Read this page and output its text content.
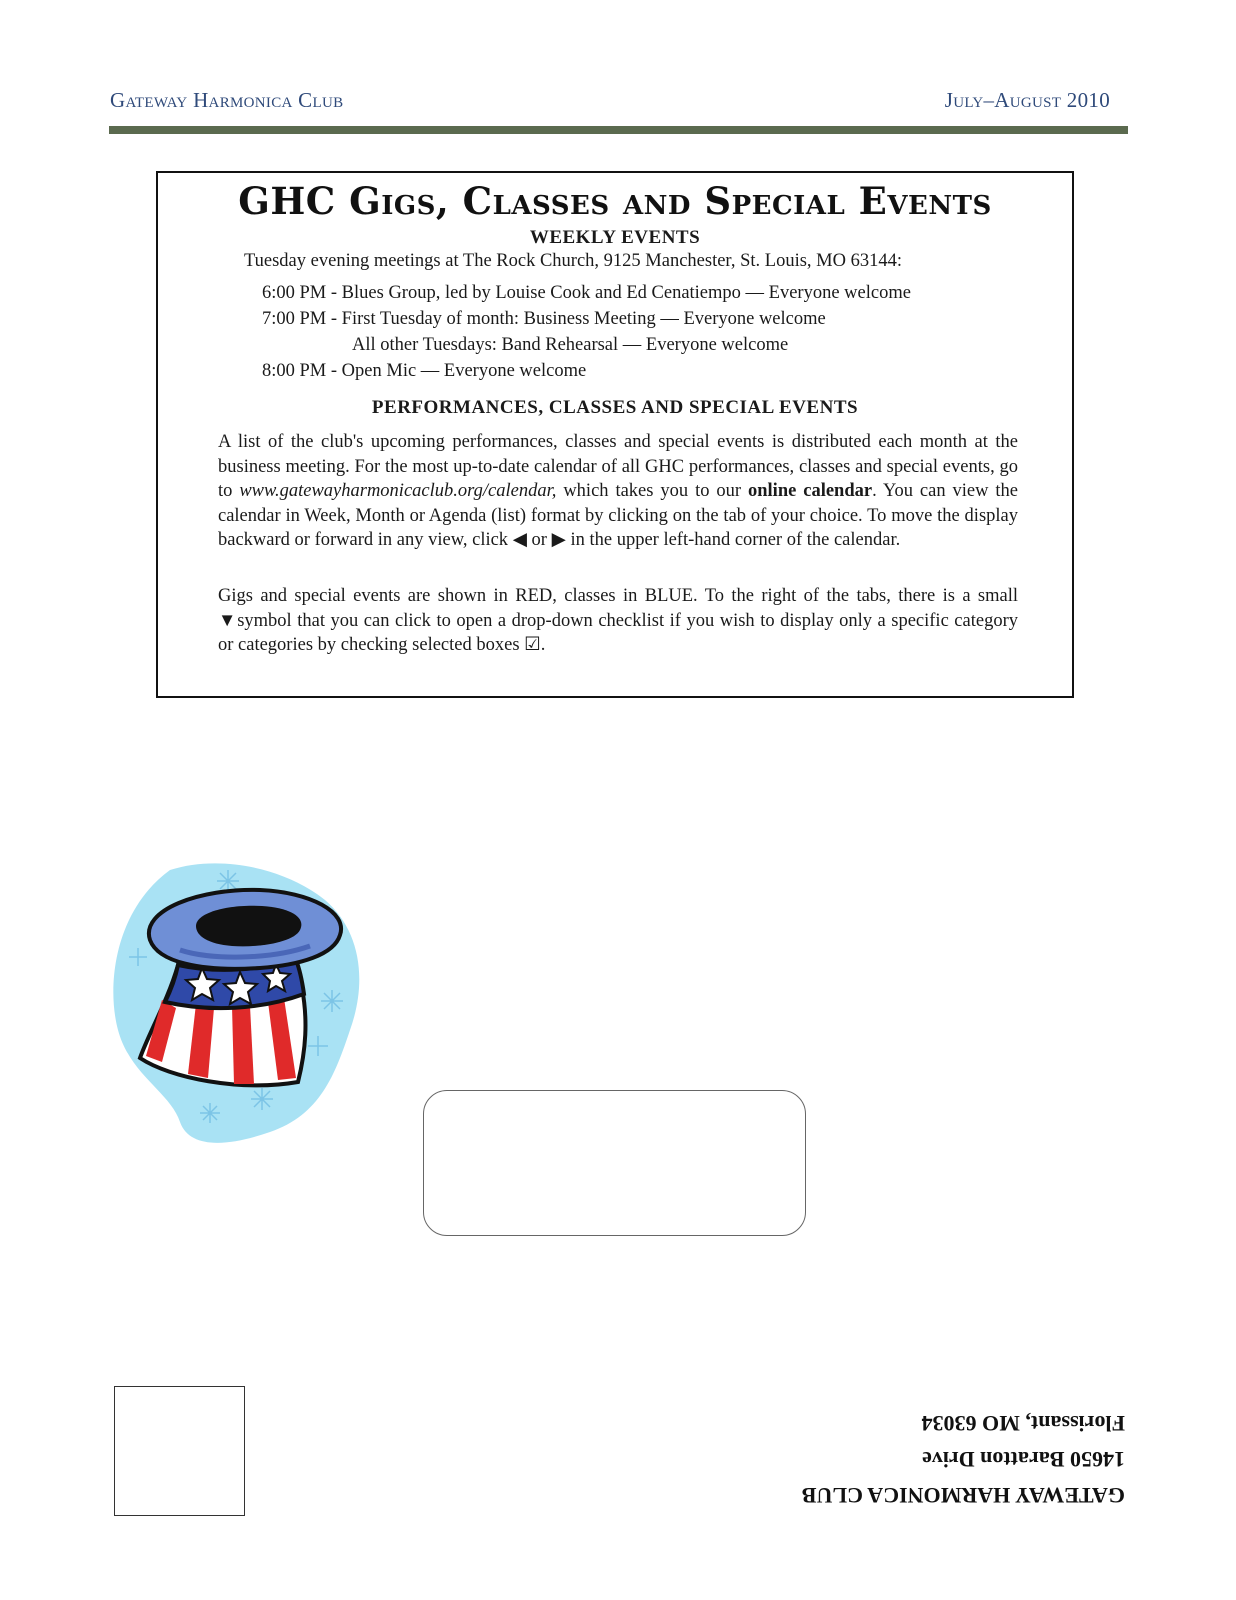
Gateway Harmonica Club	July–August 2010
GHC Gigs, Classes and Special Events
WEEKLY EVENTS
Tuesday evening meetings at The Rock Church, 9125 Manchester, St. Louis, MO 63144:
6:00 PM - Blues Group, led by Louise Cook and Ed Cenatiempo — Everyone welcome
7:00 PM - First Tuesday of month: Business Meeting — Everyone welcome
All other Tuesdays: Band Rehearsal — Everyone welcome
8:00 PM - Open Mic — Everyone welcome
PERFORMANCES, CLASSES AND SPECIAL EVENTS
A list of the club's upcoming performances, classes and special events is distributed each month at the business meeting. For the most up-to-date calendar of all GHC performances, classes and special events, go to www.gatewayharmonicaclub.org/calendar, which takes you to our online calendar. You can view the calendar in Week, Month or Agenda (list) format by clicking on the tab of your choice. To move the display backward or forward in any view, click ◀ or ▶ in the upper left-hand corner of the calendar.
Gigs and special events are shown in RED, classes in BLUE. To the right of the tabs, there is a small ▼symbol that you can click to open a drop-down checklist if you wish to display only a specific category or categories by checking selected boxes ☑.
GATEWAY HARMONICA CLUB
14650 Baratton Drive
Florissant, MO 63034
